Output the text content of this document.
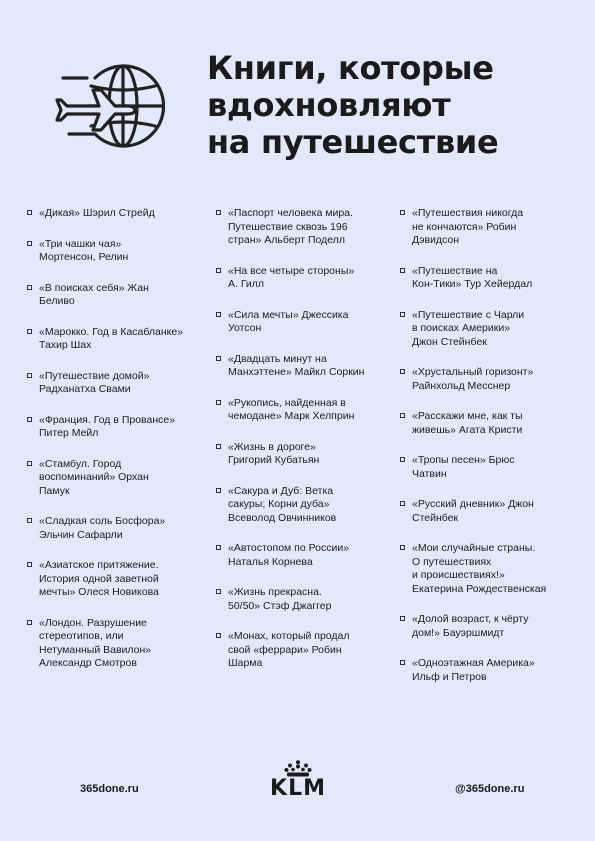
Книги, которые
вдохновляют
на путешествие
«Дикая» Шэрил Стрейд
«Три чашки чая»
Мортенсон, Релин
«В поисках себя» Жан
Беливо
«Марокко. Год в Касабланке»
Тахир Шах
«Путешествие домой»
Радханатха Свами
«Франция. Год в Провансе»
Питер Мейл
«Стамбул. Город
воспоминаний» Орхан
Памук
«Сладкая соль Босфора»
Эльчин Сафарли
«Азиатское притяжение.
История одной заветной
мечты» Олеся Новикова
«Лондон. Разрушение
стереотипов, или
Нетуманный Вавилон»
Александр Смотров
«Паспорт человека мира.
Путешествие сквозь 196
стран» Альберт Поделл
«На все четыре стороны»
А. Гилл
«Сила мечты» Джессика
Уотсон
«Двадцать минут на
Манхэттене» Майкл Соркин
«Рукопись, найденная в
чемодане» Марк Хелприн
«Жизнь в дороге»
Григорий Кубатьян
«Сакура и Дуб: Ветка
сакуры; Корни дуба»
Всеволод Овчинников
«Автостопом по России»
Наталья Корнева
«Жизнь прекрасна.
50/50» Стэф Джаггер
«Монах, который продал
свой «феррари» Робин
Шарма
«Путешествия никогда
не кончаются» Робин
Дэвидсон
«Путешествие на
Кон-Тики» Тур Хейердал
«Путешествие с Чарли
в поисках Америки»
Джон Стейнбек
«Хрустальный горизонт»
Райнхольд Месснер
«Расскажи мне, как ты
живешь» Агата Кристи
«Тропы песен» Брюс
Чатвин
«Русский дневник» Джон
Стейнбек
«Мои случайные страны.
О путешествиях
и происшествиях!»
Екатерина Рождественская
«Долой возраст, к чёрту
дом!» Бауэршмидт
«Одноэтажная Америка»
Ильф и Петров
365done.ru	KLM	@365done.ru
